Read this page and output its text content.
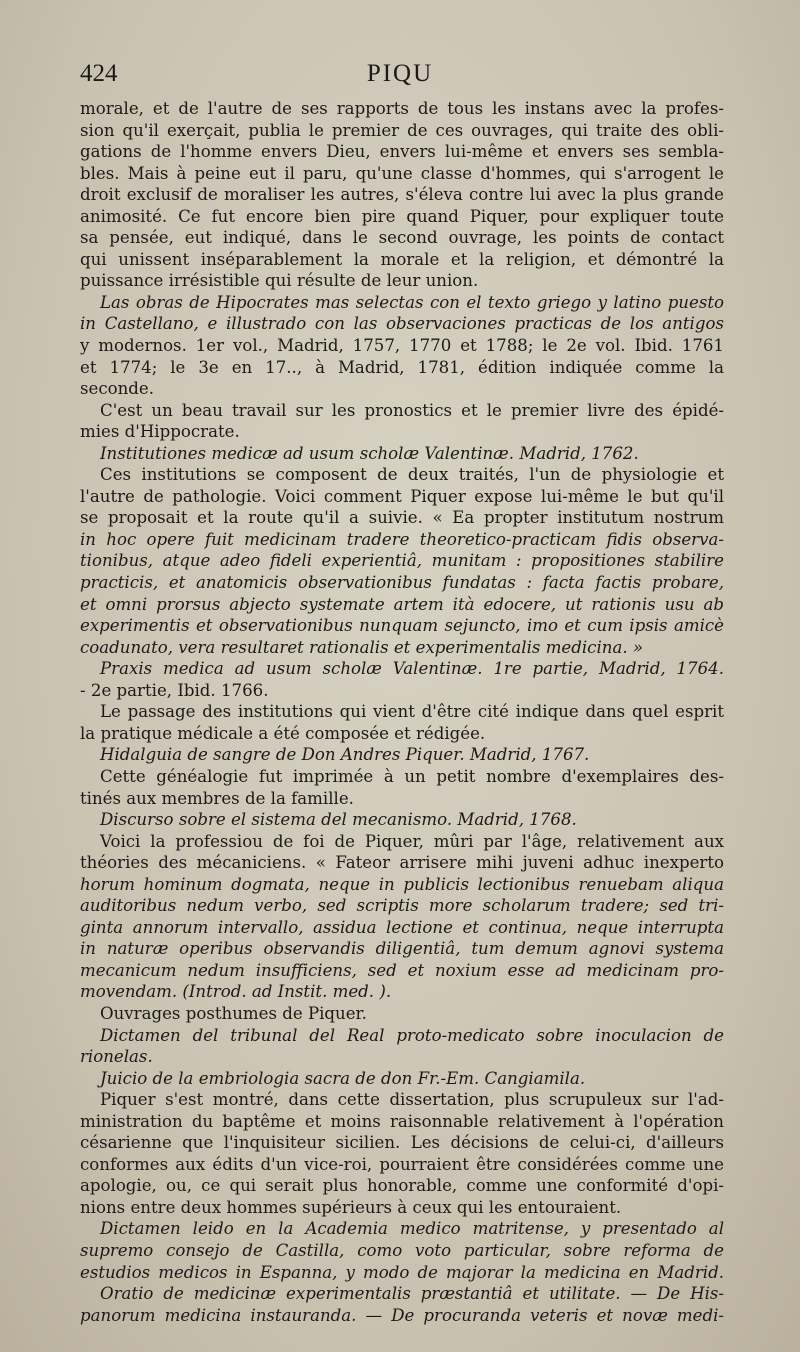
424	PIQU
morale, et de l'autre de ses rapports de tous les instans avec la profes-
sion qu'il exerçait, publia le premier de ces ouvrages, qui traite des obli-
gations de l'homme envers Dieu, envers lui-même et envers ses sembla-
bles. Mais à peine eut il paru, qu'une classe d'hommes, qui s'arrogent le
droit exclusif de moraliser les autres, s'éleva contre lui avec la plus grande
animosité. Ce fut encore bien pire quand Piquer, pour expliquer toute
sa pensée, eut indiqué, dans le second ouvrage, les points de contact
qui unissent inséparablement la morale et la religion, et démontré la
puissance irrésistible qui résulte de leur union.
Las obras de Hipocrates mas selectas con el texto griego y latino puesto
in Castellano, e illustrado con las observaciones practicas de los antigos
y modernos. 1er vol., Madrid, 1757, 1770 et 1788; le 2e vol. Ibid. 1761
et 1774; le 3e en 17.., à Madrid, 1781, édition indiquée comme la
seconde.
C'est un beau travail sur les pronostics et le premier livre des épidé-
mies d'Hippocrate.
Institutiones medicæ ad usum scholæ Valentinæ. Madrid, 1762.
Ces institutions se composent de deux traités, l'un de physiologie et
l'autre de pathologie. Voici comment Piquer expose lui-même le but qu'il
se proposait et la route qu'il a suivie. « Ea propter institutum nostrum
in hoc opere fuit medicinam tradere theoretico-practicam fidis observa-
tionibus, atque adeo fideli experientiâ, munitam : propositiones stabilire
practicis, et anatomicis observationibus fundatas : facta factis probare,
et omni prorsus abjecto systemate artem ità edocere, ut rationis usu ab
experimentis et observationibus nunquam sejuncto, imo et cum ipsis amicè
coadunato, vera resultaret rationalis et experimentalis medicina. »
Praxis medica ad usum scholæ Valentinæ. 1re partie, Madrid, 1764.
- 2e partie, Ibid. 1766.
Le passage des institutions qui vient d'être cité indique dans quel esprit
la pratique médicale a été composée et rédigée.
Hidalguia de sangre de Don Andres Piquer. Madrid, 1767.
Cette généalogie fut imprimée à un petit nombre d'exemplaires des-
tinés aux membres de la famille.
Discurso sobre el sistema del mecanismo. Madrid, 1768.
Voici la professiou de foi de Piquer, mûri par l'âge, relativement aux
théories des mécaniciens. « Fateor arrisere mihi juveni adhuc inexperto
horum hominum dogmata, neque in publicis lectionibus renuebam aliqua
auditoribus nedum verbo, sed scriptis more scholarum tradere; sed tri-
ginta annorum intervallo, assidua lectione et continua, neque interrupta
in naturæ operibus observandis diligentiâ, tum demum agnovi systema
mecanicum nedum insufficiens, sed et noxium esse ad medicinam pro-
movendam. (Introd. ad Instit. med. ).
Ouvrages posthumes de Piquer.
Dictamen del tribunal del Real proto-medicato sobre inoculacion de
rionelas.
Juicio de la embriologia sacra de don Fr.-Em. Cangiamila.
Piquer s'est montré, dans cette dissertation, plus scrupuleux sur l'ad-
ministration du baptême et moins raisonnable relativement à l'opération
césarienne que l'inquisiteur sicilien. Les décisions de celui-ci, d'ailleurs
conformes aux édits d'un vice-roi, pourraient être considérées comme une
apologie, ou, ce qui serait plus honorable, comme une conformité d'opi-
nions entre deux hommes supérieurs à ceux qui les entouraient.
Dictamen leido en la Academia medico matritense, y presentado al
supremo consejo de Castilla, como voto particular, sobre reforma de
estudios medicos in Espanna, y modo de majorar la medicina en Madrid.
Oratio de medicinæ experimentalis præstantiâ et utilitate. — De His-
panorum medicina instauranda. — De procuranda veteris et novæ medi-
